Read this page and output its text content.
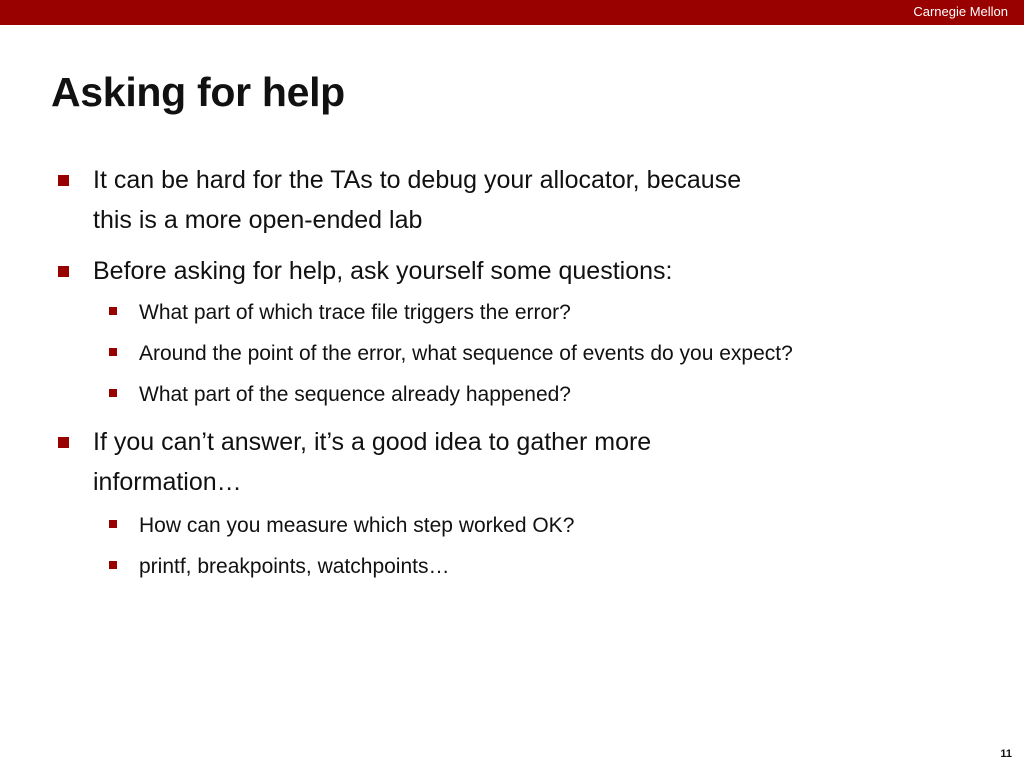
Carnegie Mellon
Asking for help
It can be hard for the TAs to debug your allocator, because
this is a more open-ended lab
Before asking for help, ask yourself some questions:
What part of which trace file triggers the error?
Around the point of the error, what sequence of events do you expect?
What part of the sequence already happened?
If you can’t answer, it’s a good idea to gather more
information…
How can you measure which step worked OK?
printf, breakpoints, watchpoints…
11
